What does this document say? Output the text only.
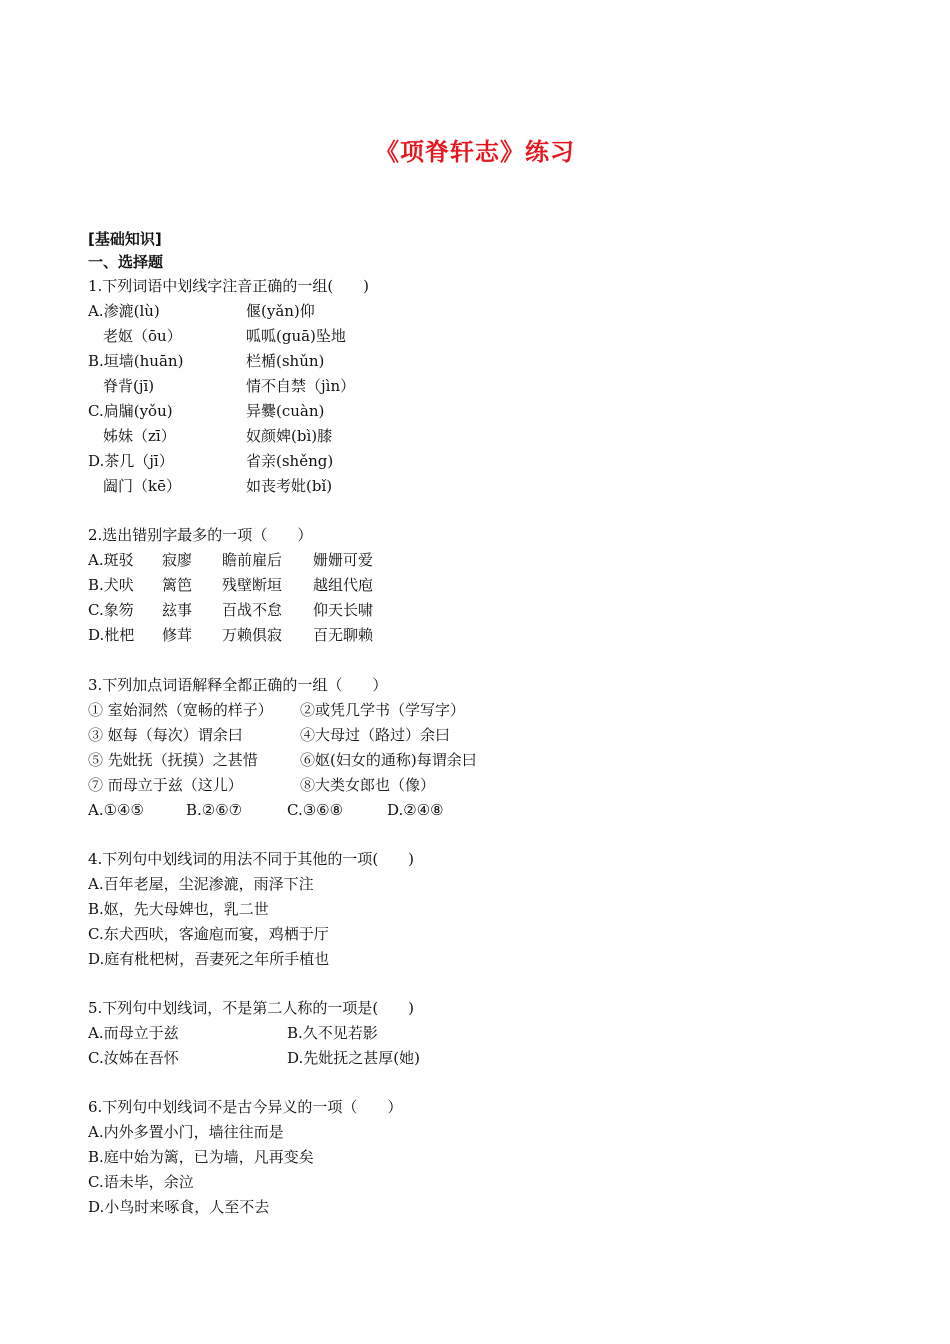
《项脊轩志》练习
[基础知识]
一、选择题
1.下列词语中划线字注音正确的一组(　　)
A.渗漉(lù)	偃(yǎn)仰
　老妪（ōu）	呱呱(guā)坠地
B.垣墙(huān)	栏楯(shǔn)
　脊背(jī)	情不自禁（jìn）
C.扃牖(yǒu)	异爨(cuàn)
　姊妹（zī）	奴颜婢(bì)膝
D.茶几（jī）	省亲(shěng)
　阖门（kē）	如丧考妣(bǐ)
2.选出错别字最多的一项（　　）
A.斑驳 寂廖 瞻前雇后 姗姗可爱
B.犬吠 篱笆 残壁断垣 越组代庖
C.象笏 玆事 百战不怠 仰天长啸
D.枇杷 修茸 万赖俱寂 百无聊赖
3.下列加点词语解释全都正确的一组（　　）
① 室始洞然（宽畅的样子） ②或凭几学书（学写字）
③ 妪每（每次）谓余曰	④大母过（路过）余曰
⑤ 先妣抚（抚摸）之甚惜	⑥妪(妇女的通称)每谓余曰
⑦ 而母立于兹（这儿）	⑧大类女郎也（像）
A.①④⑤	B.②⑥⑦	C.③⑥⑧	D.②④⑧
4.下列句中划线词的用法不同于其他的一项(　　)
A.百年老屋，尘泥渗漉，雨泽下注
B.妪，先大母婢也，乳二世
C.东犬西吠，客逾庖而宴，鸡栖于厅
D.庭有枇杷树，吾妻死之年所手植也
5.下列句中划线词，不是第二人称的一项是(　　)
A.而母立于兹	B.久不见若影
C.汝姊在吾怀	D.先妣抚之甚厚(她)
6.下列句中划线词不是古今异义的一项（　　）
A.内外多置小门，墙往往而是
B.庭中始为篱，已为墙，凡再变矣
C.语未毕，余泣
D.小鸟时来啄食，人至不去
